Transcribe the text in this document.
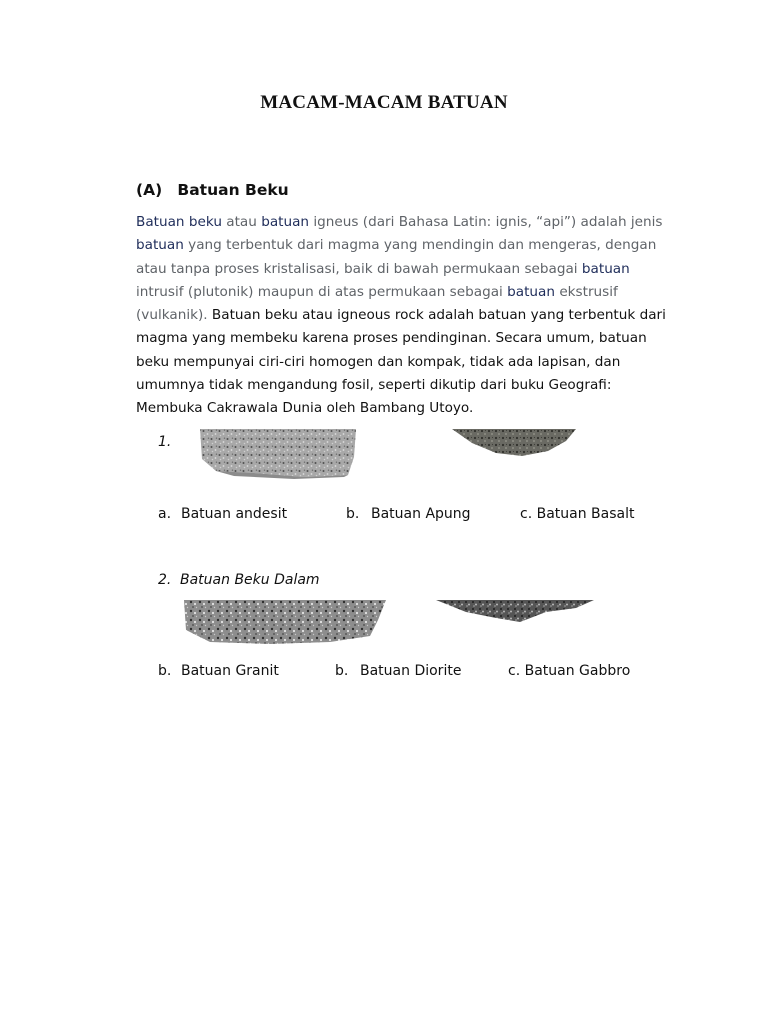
MACAM-MACAM BATUAN
(A) Batuan Beku

Batuan beku atau batuan igneus (dari Bahasa Latin: ignis, “api”) adalah jenis batuan yang terbentuk dari magma yang mendingin dan mengeras, dengan atau tanpa proses kristalisasi, baik di bawah permukaan sebagai batuan intrusif (plutonik) maupun di atas permukaan sebagai batuan ekstrusif (vulkanik). Batuan beku atau igneous rock adalah batuan yang terbentuk dari magma yang membeku karena proses pendinginan. Secara umum, batuan beku mempunyai ciri-ciri homogen dan kompak, tidak ada lapisan, dan umumnya tidak mengandung fosil, seperti dikutip dari buku Geografi: Membuka Cakrawala Dunia oleh Bambang Utoyo.

1.
a. Batuan andesit	b. Batuan Apung	c. Batuan Basalt
2. Batuan Beku Dalam
b. Batuan Granit	b. Batuan Diorite	c. Batuan Gabbro
